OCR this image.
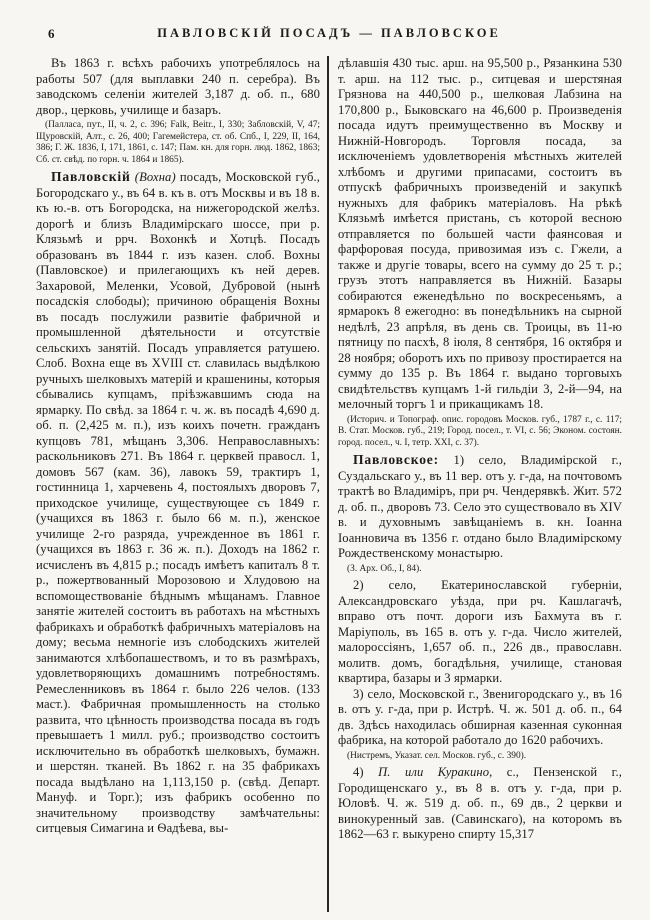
6	ПАВЛОВСКІЙ ПОСАДЪ — ПАВЛОВСКОЕ

Въ 1863 г. всѣхъ рабочихъ употреблялось на работы 507 (для выплавки 240 п. серебра). Въ заводскомъ селеніи жителей 3,187 д. об. п., 680 двор., церковь, училище и базаръ.

(Палласа, пут., II, ч. 2, с. 396; Falk, Beitr., I, 330; Забловскій, V, 47; Щуровскій, Алт., с. 26, 400; Гагемейстера, ст. об. Спб., I, 229, II, 164, 386; Г. Ж. 1836, I, 171, 1861, с. 147; Пам. кн. для горн. люд. 1862, 1863; Сб. ст. свѣд. по горн. ч. 1864 и 1865).

Павловскій (Вохна) посадъ, Московской губ., Богородскаго у., въ 64 в. къ в. отъ Москвы и въ 18 в. къ ю.-в. отъ Богородска, на нижегородской желѣз. дорогѣ и близъ Владимірскаго шоссе, при р. Клязьмѣ и ррч. Вохонкѣ и Хотцѣ. Посадъ образованъ въ 1844 г. изъ казен. слоб. Вохны (Павловское) и прилегающихъ къ ней дерев. Захаровой, Меленки, Усовой, Дубровой (нынѣ посадскія слободы); причиною обращенія Вохны въ посадъ послужили развитіе фабричной и промышленной дѣятельности и отсутствіе сельскихъ занятій. Посадъ управляется ратушею. Слоб. Вохна еще въ XVIII ст. славилась выдѣлкою ручныхъ шелковыхъ матерій и крашенины, которыя сбывались купцамъ, пріѣзжавшимъ сюда на ярмарку. По свѣд. за 1864 г. ч. ж. въ посадѣ 4,690 д. об. п. (2,425 м. п.), изъ коихъ почетн. гражданъ купцовъ 781, мѣщанъ 3,306. Неправославныхъ: раскольниковъ 271. Въ 1864 г. церквей правосл. 1, домовъ 567 (кам. 36), лавокъ 59, трактиръ 1, гостинница 1, харчевень 4, постоялыхъ дворовъ 7, приходское училище, существующее съ 1849 г. (учащихся въ 1863 г. было 66 м. п.), женское училище 2-го разряда, учрежденное въ 1861 г. (учащихся въ 1863 г. 36 ж. п.). Доходъ на 1862 г. исчисленъ въ 4,815 р.; посадъ имѣетъ капиталъ 8 т. р., пожертвованный Морозовою и Хлудовою на вспомоществованіе бѣднымъ мѣщанамъ. Главное занятіе жителей состоитъ въ работахъ на мѣстныхъ фабрикахъ и обработкѣ фабричныхъ матеріаловъ на дому; весьма немногіе изъ слободскихъ жителей занимаются хлѣбопашествомъ, и то въ размѣрахъ, удовлетворяющихъ домашнимъ потребностямъ. Ремесленниковъ въ 1864 г. было 226 челов. (133 маст.). Фабричная промышленность на столько развита, что цѣнность производства посада въ годъ превышаетъ 1 милл. руб.; производство состоитъ исключительно въ обработкѣ шелковыхъ, бумажн. и шерстян. тканей. Въ 1862 г. на 35 фабрикахъ посада выдѣлано на 1,113,150 р. (свѣд. Департ. Мануф. и Торг.); изъ фабрикъ особенно по значительному производству замѣчательны: ситцевыя Симагина и Ѳадѣева, вы-

дѣлавшія 430 тыс. арш. на 95,500 р., Рязанкина 530 т. арш. на 112 тыс. р., ситцевая и шерстяная Грязнова на 440,500 р., шелковая Лабзина на 170,800 р., Быковскаго на 46,600 р. Произведенія посада идутъ преимущественно въ Москву и Нижній-Новгородъ. Торговля посада, за исключеніемъ удовлетворенія мѣстныхъ жителей хлѣбомъ и другими припасами, состоитъ въ отпускѣ фабричныхъ произведеній и закупкѣ нужныхъ для фабрикъ матеріаловъ. На рѣкѣ Клязьмѣ имѣется пристань, съ которой весною отправляется по большей части фаянсовая и фарфоровая посуда, привозимая изъ с. Гжели, а также и другіе товары, всего на сумму до 25 т. р.; грузъ этотъ направляется въ Нижній. Базары собираются еженедѣльно по воскресеньямъ, а ярмарокъ 8 ежегодно: въ понедѣльникъ на сырной недѣлѣ, 23 апрѣля, въ день св. Троицы, въ 11-ю пятницу по пасхѣ, 8 іюля, 8 сентября, 16 октября и 28 ноября; оборотъ ихъ по привозу простирается на сумму до 135 р. Въ 1864 г. выдано торговыхъ свидѣтельствъ купцамъ 1-й гильдіи 3, 2-й—94, на мелочный торгъ 1 и прикащикамъ 18.

(Историч. и Топограф. опис. городовъ Москов. губ., 1787 г., с. 117; В. Стат. Москов. губ., 219; Город. посел., т. VI, с. 56; Эконом. состоян. город. посел., ч. I, тетр. XXI, с. 37).

Павловское: 1) село, Владимірской г., Суздальскаго у., въ 11 вер. отъ у. г-да, на почтовомъ трактѣ во Владиміръ, при рч. Чендерявкѣ. Жит. 572 д. об. п., дворовъ 73. Село это существовало въ XIV в. и духовнымъ завѣщаніемъ в. кн. Іоанна Іоанновича въ 1356 г. отдано было Владимірскому Рождественскому монастырю.

(З. Арх. Об., I, 84).

2) село, Екатеринославской губерніи, Александровскаго уѣзда, при рч. Кашлагачѣ, вправо отъ почт. дороги изъ Бахмута въ г. Маріуполь, въ 165 в. отъ у. г-да. Число жителей, малороссіянъ, 1,657 об. п., 226 дв., православн. молитв. домъ, богадѣльня, училище, становая квартира, базары и 3 ярмарки.

3) село, Московской г., Звенигородскаго у., въ 16 в. отъ у. г-да, при р. Истрѣ. Ч. ж. 501 д. об. п., 64 дв. Здѣсь находилась обширная казенная суконная фабрика, на которой работало до 1620 рабочихъ.

(Нистремъ, Указат. сел. Москов. губ., с. 390).

4) П. или Куракино, с., Пензенской г., Городищенскаго у., въ 8 в. отъ у. г-да, при р. Юловѣ. Ч. ж. 519 д. об. п., 69 дв., 2 церкви и винокуренный зав. (Савинскаго), на которомъ въ 1862—63 г. выкурено спирту 15,317
